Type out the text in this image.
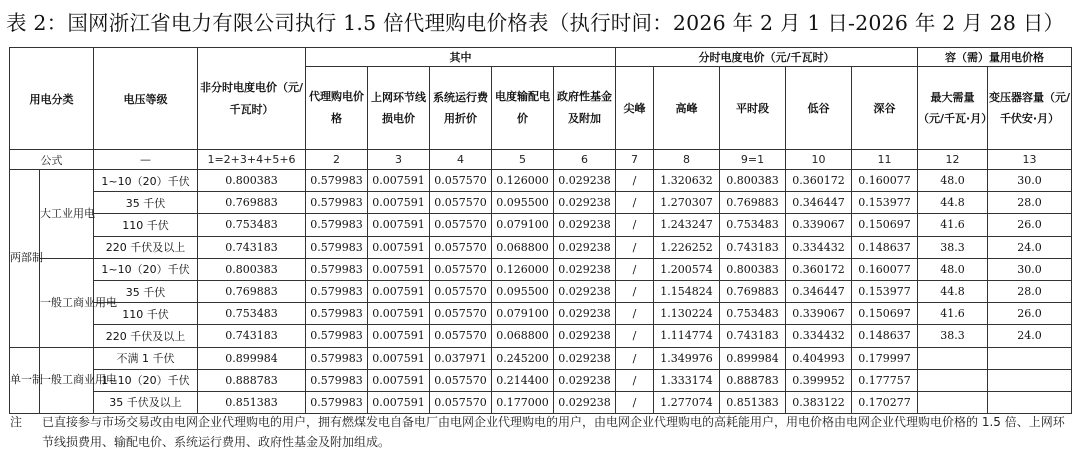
表 2：国网浙江省电力有限公司执行 1.5 倍代理购电价格表（执行时间：2026 年 2 月 1 日-2026 年 2 月 28 日）
用电分类		电压等级	非分时电度电价（元/千瓦时）	其中					分时电度电价（元/千瓦时）					容（需）量用电价格	
				代理购电价格	上网环节线损电价	系统运行费用折价	电度输配电价	政府性基金及附加	尖峰	高峰	平时段	低谷	深谷	最大需量（元/千瓦·月）	变压器容量（元/千伏安·月）
公式		—	1=2+3+4+5+6	2	3	4	5	6	7	8	9=1	10	11	12	13
两部制	大工业用电	1~10（20）千伏	0.800383	0.579983	0.007591	0.057570	0.126000	0.029238	/	1.320632	0.800383	0.360172	0.160077	48.0	30.0
		35 千伏	0.769883	0.579983	0.007591	0.057570	0.095500	0.029238	/	1.270307	0.769883	0.346447	0.153977	44.8	28.0
		110 千伏	0.753483	0.579983	0.007591	0.057570	0.079100	0.029238	/	1.243247	0.753483	0.339067	0.150697	41.6	26.0
		220 千伏及以上	0.743183	0.579983	0.007591	0.057570	0.068800	0.029238	/	1.226252	0.743183	0.334432	0.148637	38.3	24.0
	一般工商业用电	1~10（20）千伏	0.800383	0.579983	0.007591	0.057570	0.126000	0.029238	/	1.200574	0.800383	0.360172	0.160077	48.0	30.0
		35 千伏	0.769883	0.579983	0.007591	0.057570	0.095500	0.029238	/	1.154824	0.769883	0.346447	0.153977	44.8	28.0
		110 千伏	0.753483	0.579983	0.007591	0.057570	0.079100	0.029238	/	1.130224	0.753483	0.339067	0.150697	41.6	26.0
		220 千伏及以上	0.743183	0.579983	0.007591	0.057570	0.068800	0.029238	/	1.114774	0.743183	0.334432	0.148637	38.3	24.0
单一制	一般工商业用电	不满 1 千伏	0.899984	0.579983	0.007591	0.037971	0.245200	0.029238	/	1.349976	0.899984	0.404993	0.179997		
		1~10（20）千伏	0.888783	0.579983	0.007591	0.057570	0.214400	0.029238	/	1.333174	0.888783	0.399952	0.177757		
		35 千伏及以上	0.851383	0.579983	0.007591	0.057570	0.177000	0.029238	/	1.277074	0.851383	0.383122	0.170277		
注 已直接参与市场交易改由电网企业代理购电的用户，拥有燃煤发电自备电厂由电网企业代理购电的用户，由电网企业代理购电的高耗能用户，用电价格由电网企业代理购电价格的 1.5 倍、上网环节线损费用、输配电价、系统运行费用、政府性基金及附加组成。
